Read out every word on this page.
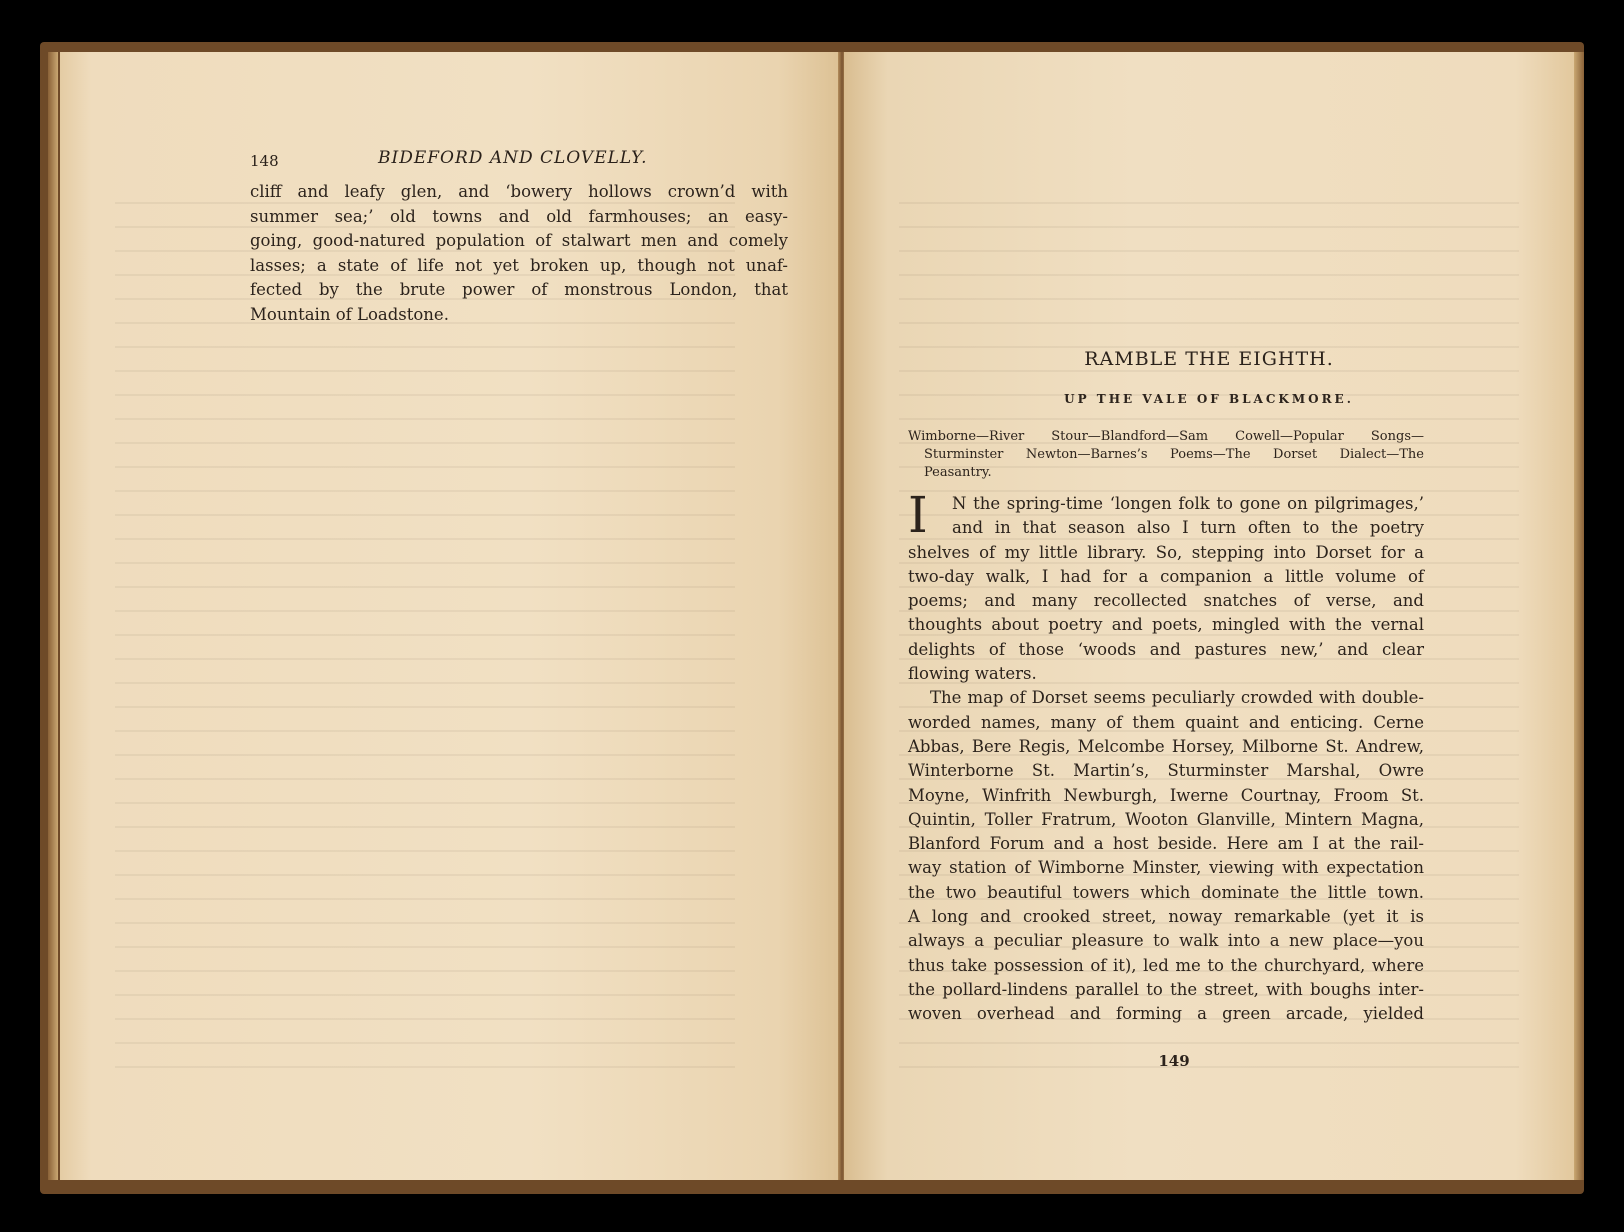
148	BIDEFORD AND CLOVELLY.
cliff and leafy glen, and ‘bowery hollows crown’d with
summer sea;’ old towns and old farmhouses; an easy-
going, good-natured population of stalwart men and comely
lasses; a state of life not yet broken up, though not unaf-
fected by the brute power of monstrous London, that
Mountain of Loadstone.
RAMBLE THE EIGHTH.
UP THE VALE OF BLACKMORE.
Wimborne—River Stour—Blandford—Sam Cowell—Popular Songs—
Sturminster Newton—Barnes’s Poems—The Dorset Dialect—The
Peasantry.
I	N the spring-time ‘longen folk to gone on pilgrimages,’
and in that season also I turn often to the poetry
shelves of my little library. So, stepping into Dorset for a
two-day walk, I had for a companion a little volume of
poems; and many recollected snatches of verse, and
thoughts about poetry and poets, mingled with the vernal
delights of those ‘woods and pastures new,’ and clear
flowing waters.
The map of Dorset seems peculiarly crowded with double-
worded names, many of them quaint and enticing. Cerne
Abbas, Bere Regis, Melcombe Horsey, Milborne St. Andrew,
Winterborne St. Martin’s, Sturminster Marshal, Owre
Moyne, Winfrith Newburgh, Iwerne Courtnay, Froom St.
Quintin, Toller Fratrum, Wooton Glanville, Mintern Magna,
Blanford Forum and a host beside. Here am I at the rail-
way station of Wimborne Minster, viewing with expectation
the two beautiful towers which dominate the little town.
A long and crooked street, noway remarkable (yet it is
always a peculiar pleasure to walk into a new place—you
thus take possession of it), led me to the churchyard, where
the pollard-lindens parallel to the street, with boughs inter-
woven overhead and forming a green arcade, yielded
149
